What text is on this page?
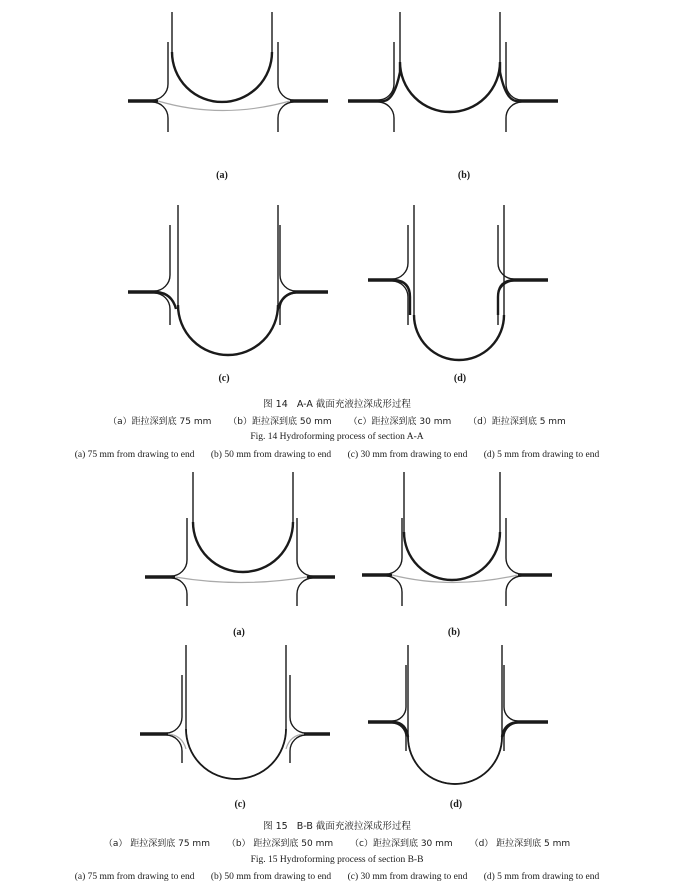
(a)	(b)
(c)	(d)
图 14 A-A 截面充液拉深成形过程
（a）距拉深到底 75 mm （b）距拉深到底 50 mm （c）距拉深到底 30 mm （d）距拉深到底 5 mm
Fig. 14 Hydroforming process of section A-A
(a) 75 mm from drawing to end (b) 50 mm from drawing to end (c) 30 mm from drawing to end (d) 5 mm from drawing to end
(a)	(b)
(c)	(d)
图 15 B-B 截面充液拉深成形过程
（a） 距拉深到底 75 mm （b） 距拉深到底 50 mm （c）距拉深到底 30 mm （d） 距拉深到底 5 mm
Fig. 15 Hydroforming process of section B-B
(a) 75 mm from drawing to end (b) 50 mm from drawing to end (c) 30 mm from drawing to end (d) 5 mm from drawing to end
